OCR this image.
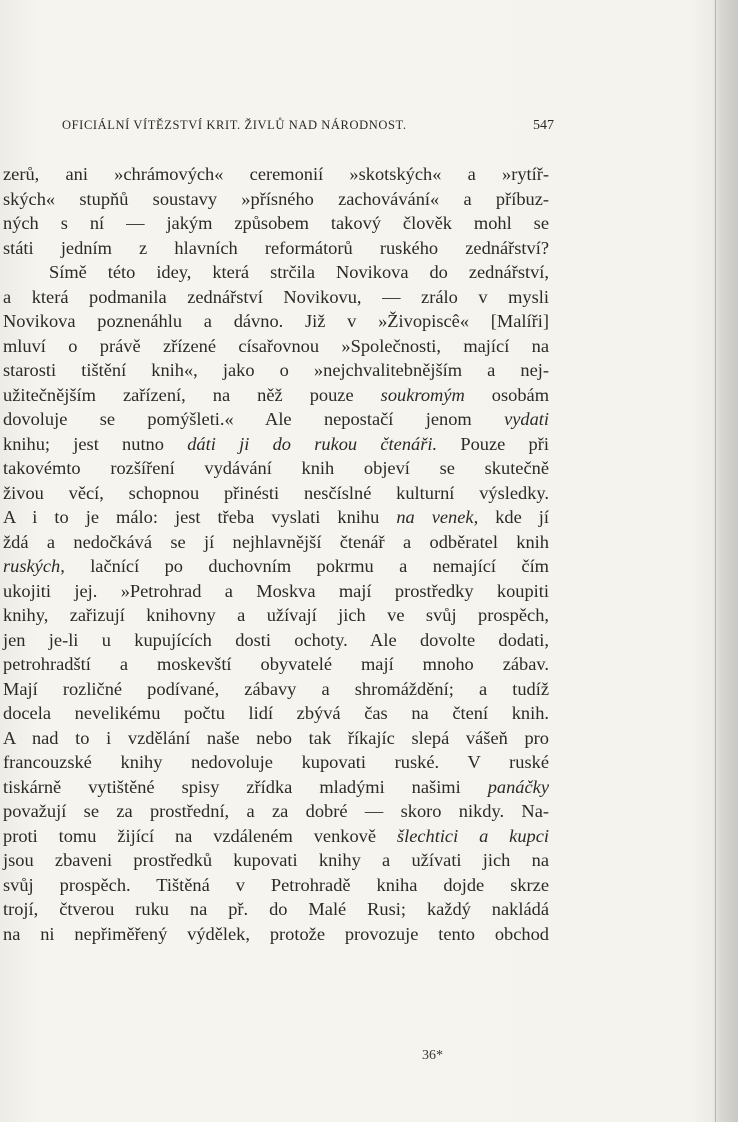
OFICIÁLNÍ VÍTĚZSTVÍ KRIT. ŽIVLŮ NAD NÁRODNOST.	547
zerů, ani »chrámových« ceremonií »skotských« a »rytíř-
ských« stupňů soustavy »přísného zachovávání« a příbuz-
ných s ní — jakým způsobem takový člověk mohl se
státi jedním z hlavních reformátorů ruského zednářství?
Símě této idey, která strčila Novikova do zednářství,
a která podmanila zednářství Novikovu, — zrálo v mysli
Novikova poznenáhlu a dávno. Již v »Živopiscê« [Malíři]
mluví o právě zřízené císařovnou »Společnosti, mající na
starosti tištění knih«, jako o »nejchvalitebnějším a nej-
užitečnějším zařízení, na něž pouze soukromým osobám
dovoluje se pomýšleti.« Ale nepostačí jenom vydati
knihu; jest nutno dáti ji do rukou čtenáři. Pouze při
takovémto rozšíření vydávání knih objeví se skutečně
živou věcí, schopnou přinésti nesčíslné kulturní výsledky.
A i to je málo: jest třeba vyslati knihu na venek, kde jí
ždá a nedočkává se jí nejhlavnější čtenář a odběratel knih
ruských, lačnící po duchovním pokrmu a nemající čím
ukojiti jej. »Petrohrad a Moskva mají prostředky koupiti
knihy, zařizují knihovny a užívají jich ve svůj prospěch,
jen je-li u kupujících dosti ochoty. Ale dovolte dodati,
petrohradští a moskevští obyvatelé mají mnoho zábav.
Mají rozličné podívané, zábavy a shromáždění; a tudíž
docela nevelikému počtu lidí zbývá čas na čtení knih.
A nad to i vzdělání naše nebo tak říkajíc slepá vášeň pro
francouzské knihy nedovoluje kupovati ruské. V ruské
tiskárně vytištěné spisy zřídka mladými našimi panáčky
považují se za prostřední, a za dobré — skoro nikdy. Na-
proti tomu žijící na vzdáleném venkově šlechtici a kupci
jsou zbaveni prostředků kupovati knihy a užívati jich na
svůj prospěch. Tištěná v Petrohradě kniha dojde skrze
trojí, čtverou ruku na př. do Malé Rusi; každý nakládá
na ni nepřiměřený výdělek, protože provozuje tento obchod
36*
